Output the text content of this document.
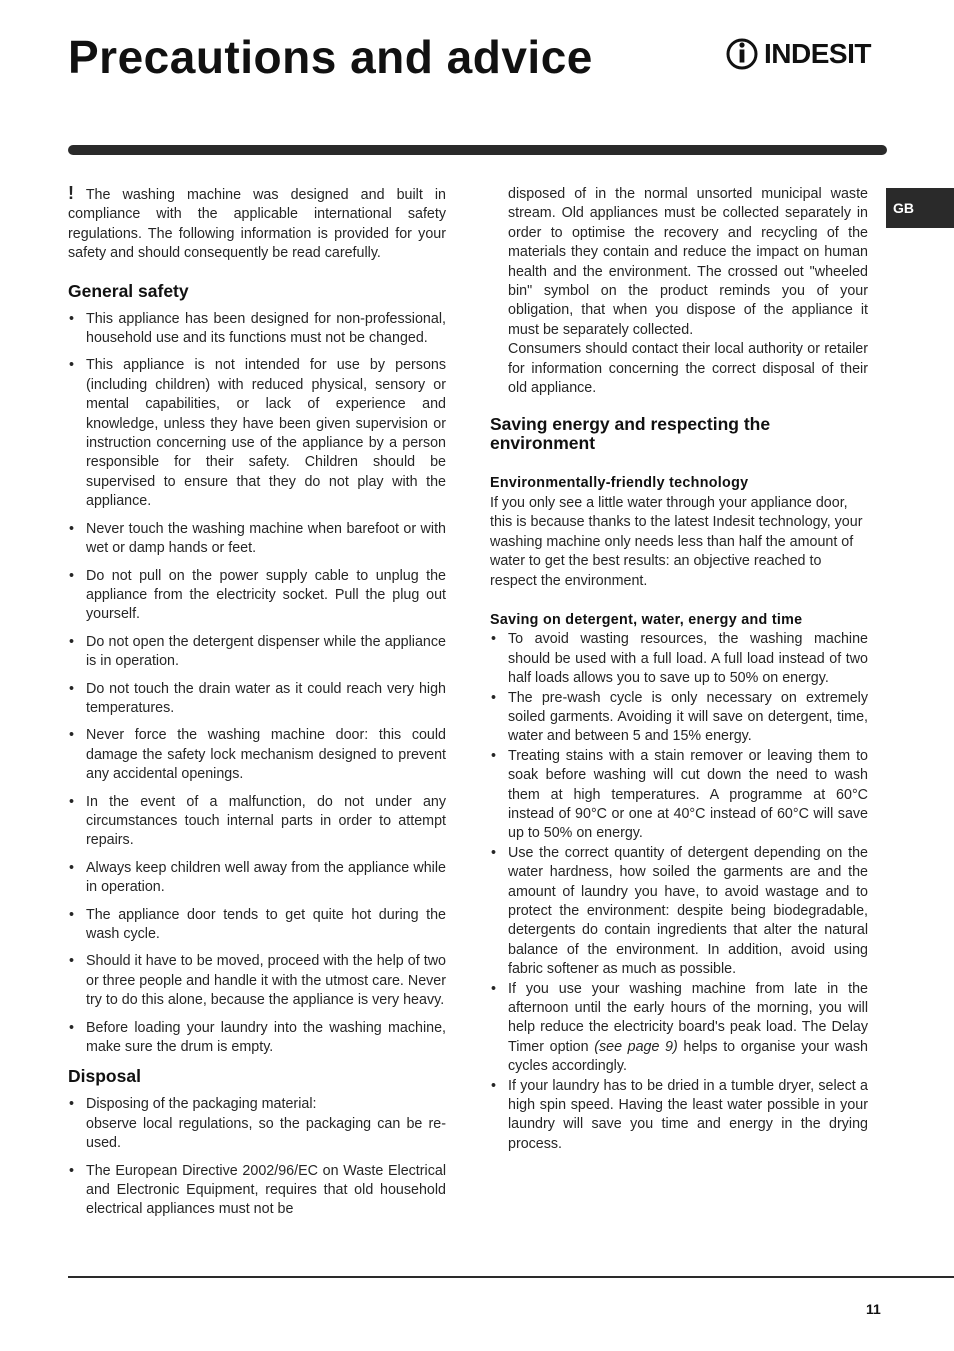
Precautions and advice	INDESIT
GB

! The washing machine was designed and built in compliance with the applicable international safety regulations. The following information is provided for your safety and should consequently be read carefully.

General safety
• This appliance has been designed for non-professional, household use and its functions must not be changed.
• This appliance is not intended for use by persons (including children) with reduced physical, sensory or mental capabilities, or lack of experience and knowledge, unless they have been given supervision or instruction concerning use of the appliance by a person responsible for their safety. Children should be supervised to ensure that they do not play with the appliance.
• Never touch the washing machine when barefoot or with wet or damp hands or feet.
• Do not pull on the power supply cable to unplug the appliance from the electricity socket. Pull the plug out yourself.
• Do not open the detergent dispenser while the appliance is in operation.
• Do not touch the drain water as it could reach very high temperatures.
• Never force the washing machine door: this could damage the safety lock mechanism designed to prevent any accidental openings.
• In the event of a malfunction, do not under any circumstances touch internal parts in order to attempt repairs.
• Always keep children well away from the appliance while in operation.
• The appliance door tends to get quite hot during the wash cycle.
• Should it have to be moved, proceed with the help of two or three people and handle it with the utmost care. Never try to do this alone, because the appliance is very heavy.
• Before loading your laundry into the washing machine, make sure the drum is empty.
Disposal
• Disposing of the packaging material:
observe local regulations, so the packaging can be re-used.
• The European Directive 2002/96/EC on Waste Electrical and Electronic Equipment, requires that old household electrical appliances must not be

disposed of in the normal unsorted municipal waste stream. Old appliances must be collected separately in order to optimise the recovery and recycling of the materials they contain and reduce the impact on human health and the environment. The crossed out "wheeled bin" symbol on the product reminds you of your obligation, that when you dispose of the appliance it must be separately collected.
Consumers should contact their local authority or retailer for information concerning the correct disposal of their old appliance.

Saving energy and respecting the environment
Environmentally-friendly technology

If you only see a little water through your appliance door, this is because thanks to the latest Indesit technology, your washing machine only needs less than half the amount of water to get the best results: an objective reached to respect the environment.

Saving on detergent, water, energy and time
• To avoid wasting resources, the washing machine should be used with a full load. A full load instead of two half loads allows you to save up to 50% on energy.
• The pre-wash cycle is only necessary on extremely soiled garments. Avoiding it will save on detergent, time, water and between 5 and 15% energy.
• Treating stains with a stain remover or leaving them to soak before washing will cut down the need to wash them at high temperatures. A programme at 60°C instead of 90°C or one at 40°C instead of 60°C will save up to 50% on energy.
• Use the correct quantity of detergent depending on the water hardness, how soiled the garments are and the amount of laundry you have, to avoid wastage and to protect the environment: despite being biodegradable, detergents do contain ingredients that alter the natural balance of the environment. In addition, avoid using fabric softener as much as possible.
• If you use your washing machine from late in the afternoon until the early hours of the morning, you will help reduce the electricity board's peak load. The Delay Timer option (see page 9) helps to organise your wash cycles accordingly.
• If your laundry has to be dried in a tumble dryer, select a high spin speed. Having the least water possible in your laundry will save you time and energy in the drying process.
11
